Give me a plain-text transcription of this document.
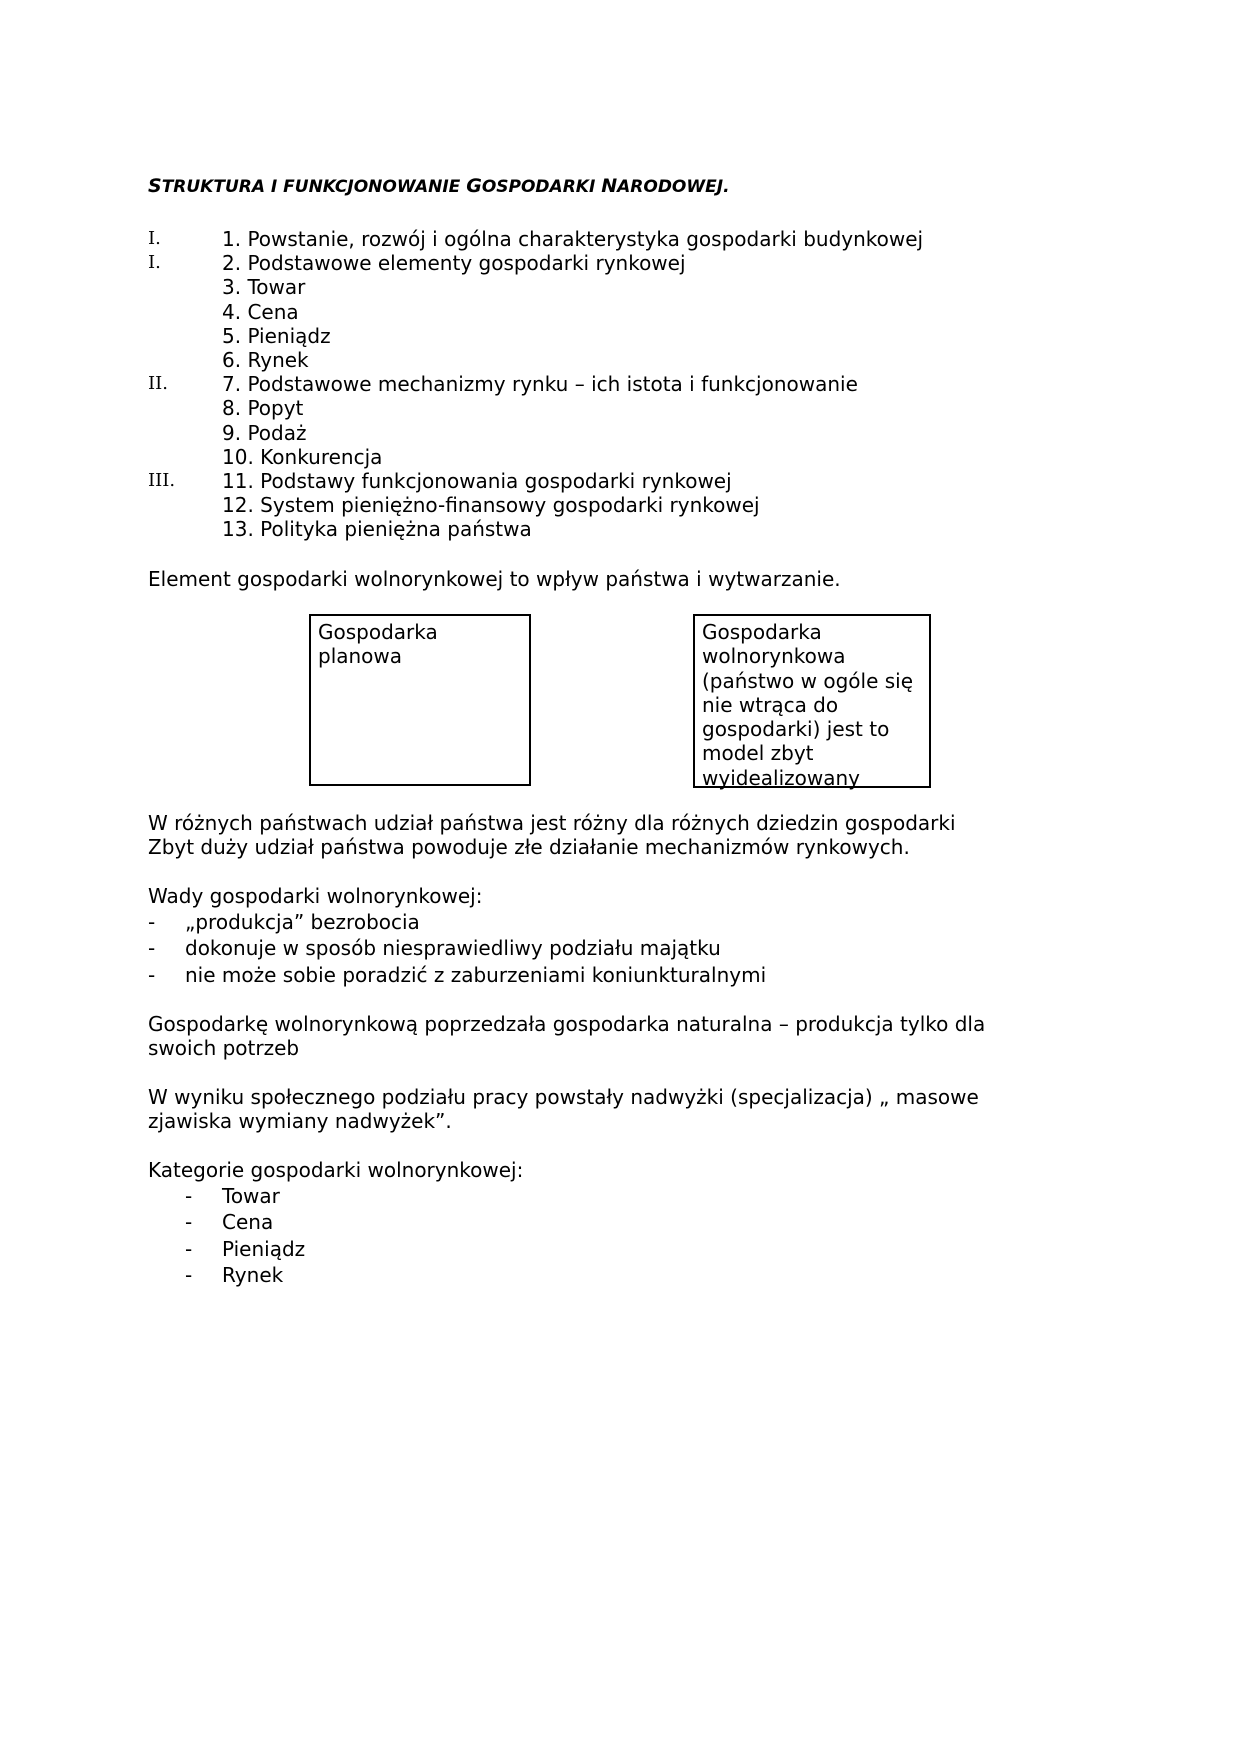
STRUKTURA I FUNKCJONOWANIE GOSPODARKI NARODOWEJ.
I.	1. Powstanie, rozwój i ogólna charakterystyka gospodarki budynkowej
I.	2. Podstawowe elementy gospodarki rynkowej
3. Towar
4. Cena
5. Pieniądz
6. Rynek
II.	7. Podstawowe mechanizmy rynku – ich istota i funkcjonowanie
8. Popyt
9. Podaż
10. Konkurencja
III.	11. Podstawy funkcjonowania gospodarki rynkowej
12. System pieniężno-finansowy gospodarki rynkowej
13. Polityka pieniężna państwa

Element gospodarki wolnorynkowej to wpływ państwa i wytwarzanie.

Gospodarka
planowa
Gospodarka
wolnorynkowa
(państwo w ogóle się
nie wtrąca do
gospodarki) jest to
model zbyt
wyidealizowany

W różnych państwach udział państwa jest różny dla różnych dziedzin gospodarki

Zbyt duży udział państwa powoduje złe działanie mechanizmów rynkowych.

Wady gospodarki wolnorynkowej:

- „produkcja” bezrobocia
- dokonuje w sposób niesprawiedliwy podziału majątku
- nie może sobie poradzić z zaburzeniami koniunkturalnymi

Gospodarkę wolnorynkową poprzedzała gospodarka naturalna – produkcja tylko dla

swoich potrzeb

W wyniku społecznego podziału pracy powstały nadwyżki (specjalizacja) „ masowe

zjawiska wymiany nadwyżek”.

Kategorie gospodarki wolnorynkowej:

- Towar
- Cena
- Pieniądz
- Rynek
